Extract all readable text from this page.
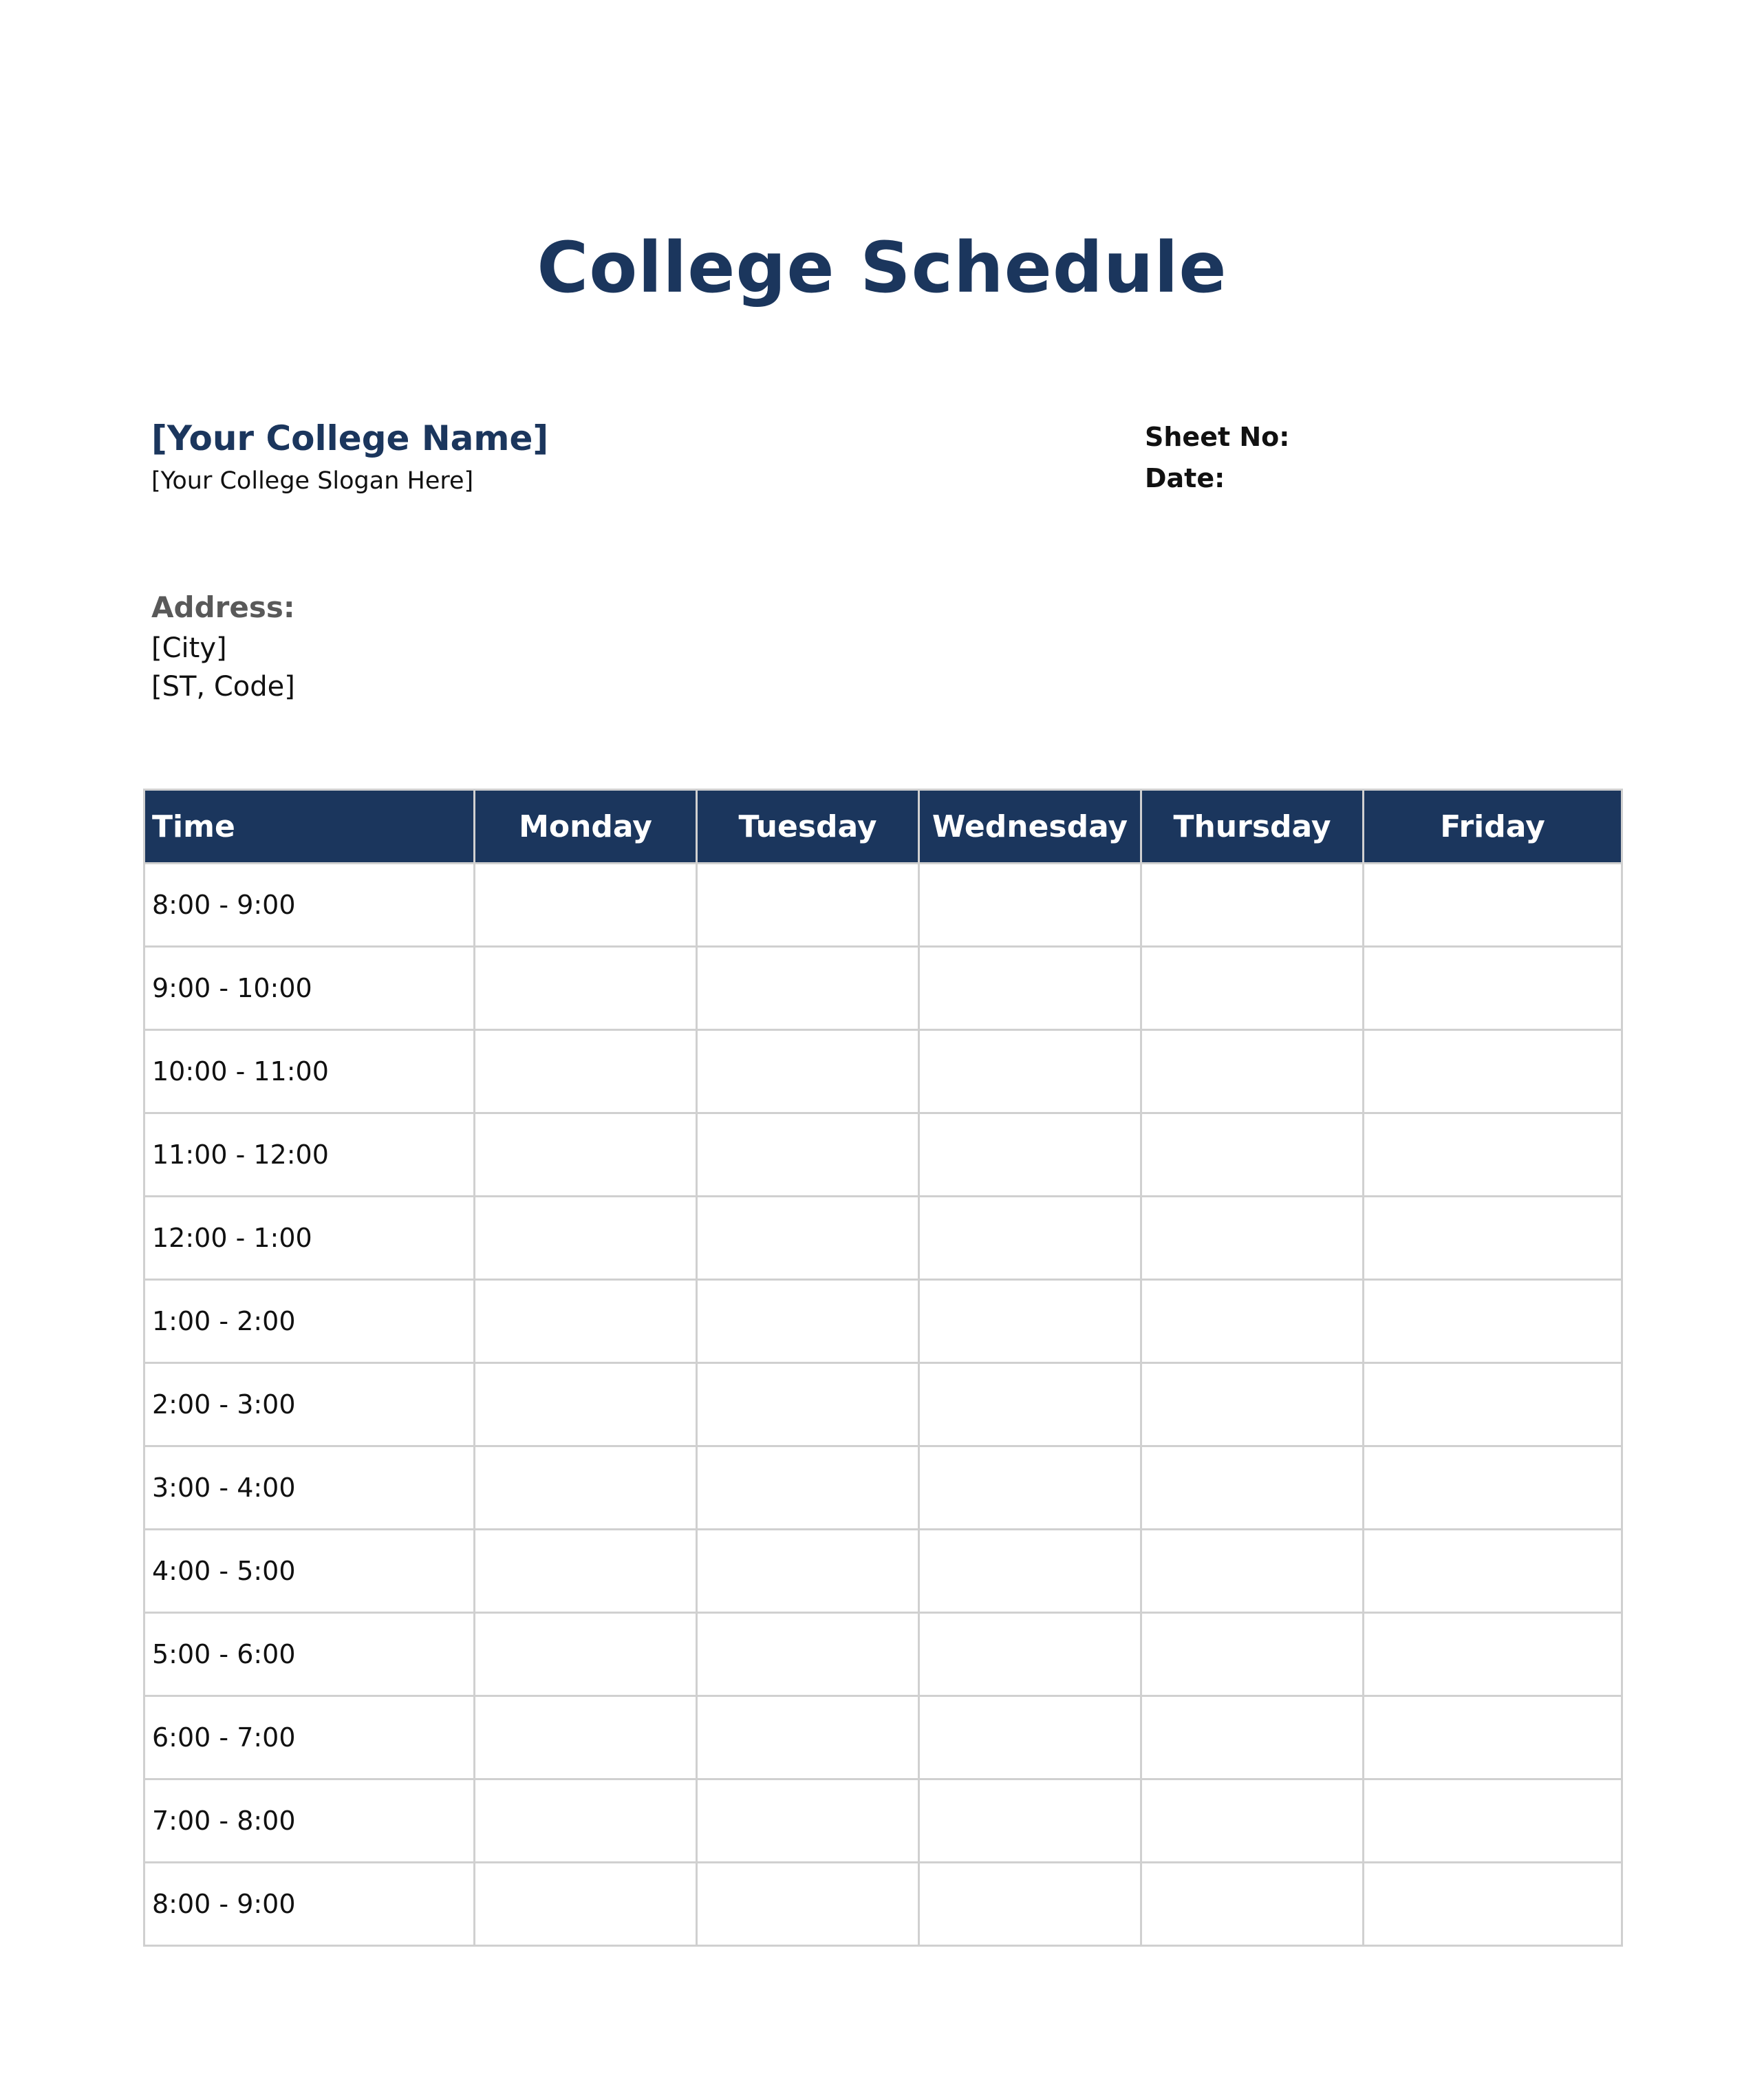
College Schedule
[Your College Name]
[Your College Slogan Here]
Sheet No:
Date:
Address:
[City]
[ST, Code]
Time	Monday	Tuesday	Wednesday	Thursday	Friday
8:00 - 9:00					
9:00 - 10:00					
10:00 - 11:00					
11:00 - 12:00					
12:00 - 1:00					
1:00 - 2:00					
2:00 - 3:00					
3:00 - 4:00					
4:00 - 5:00					
5:00 - 6:00					
6:00 - 7:00					
7:00 - 8:00					
8:00 - 9:00					
